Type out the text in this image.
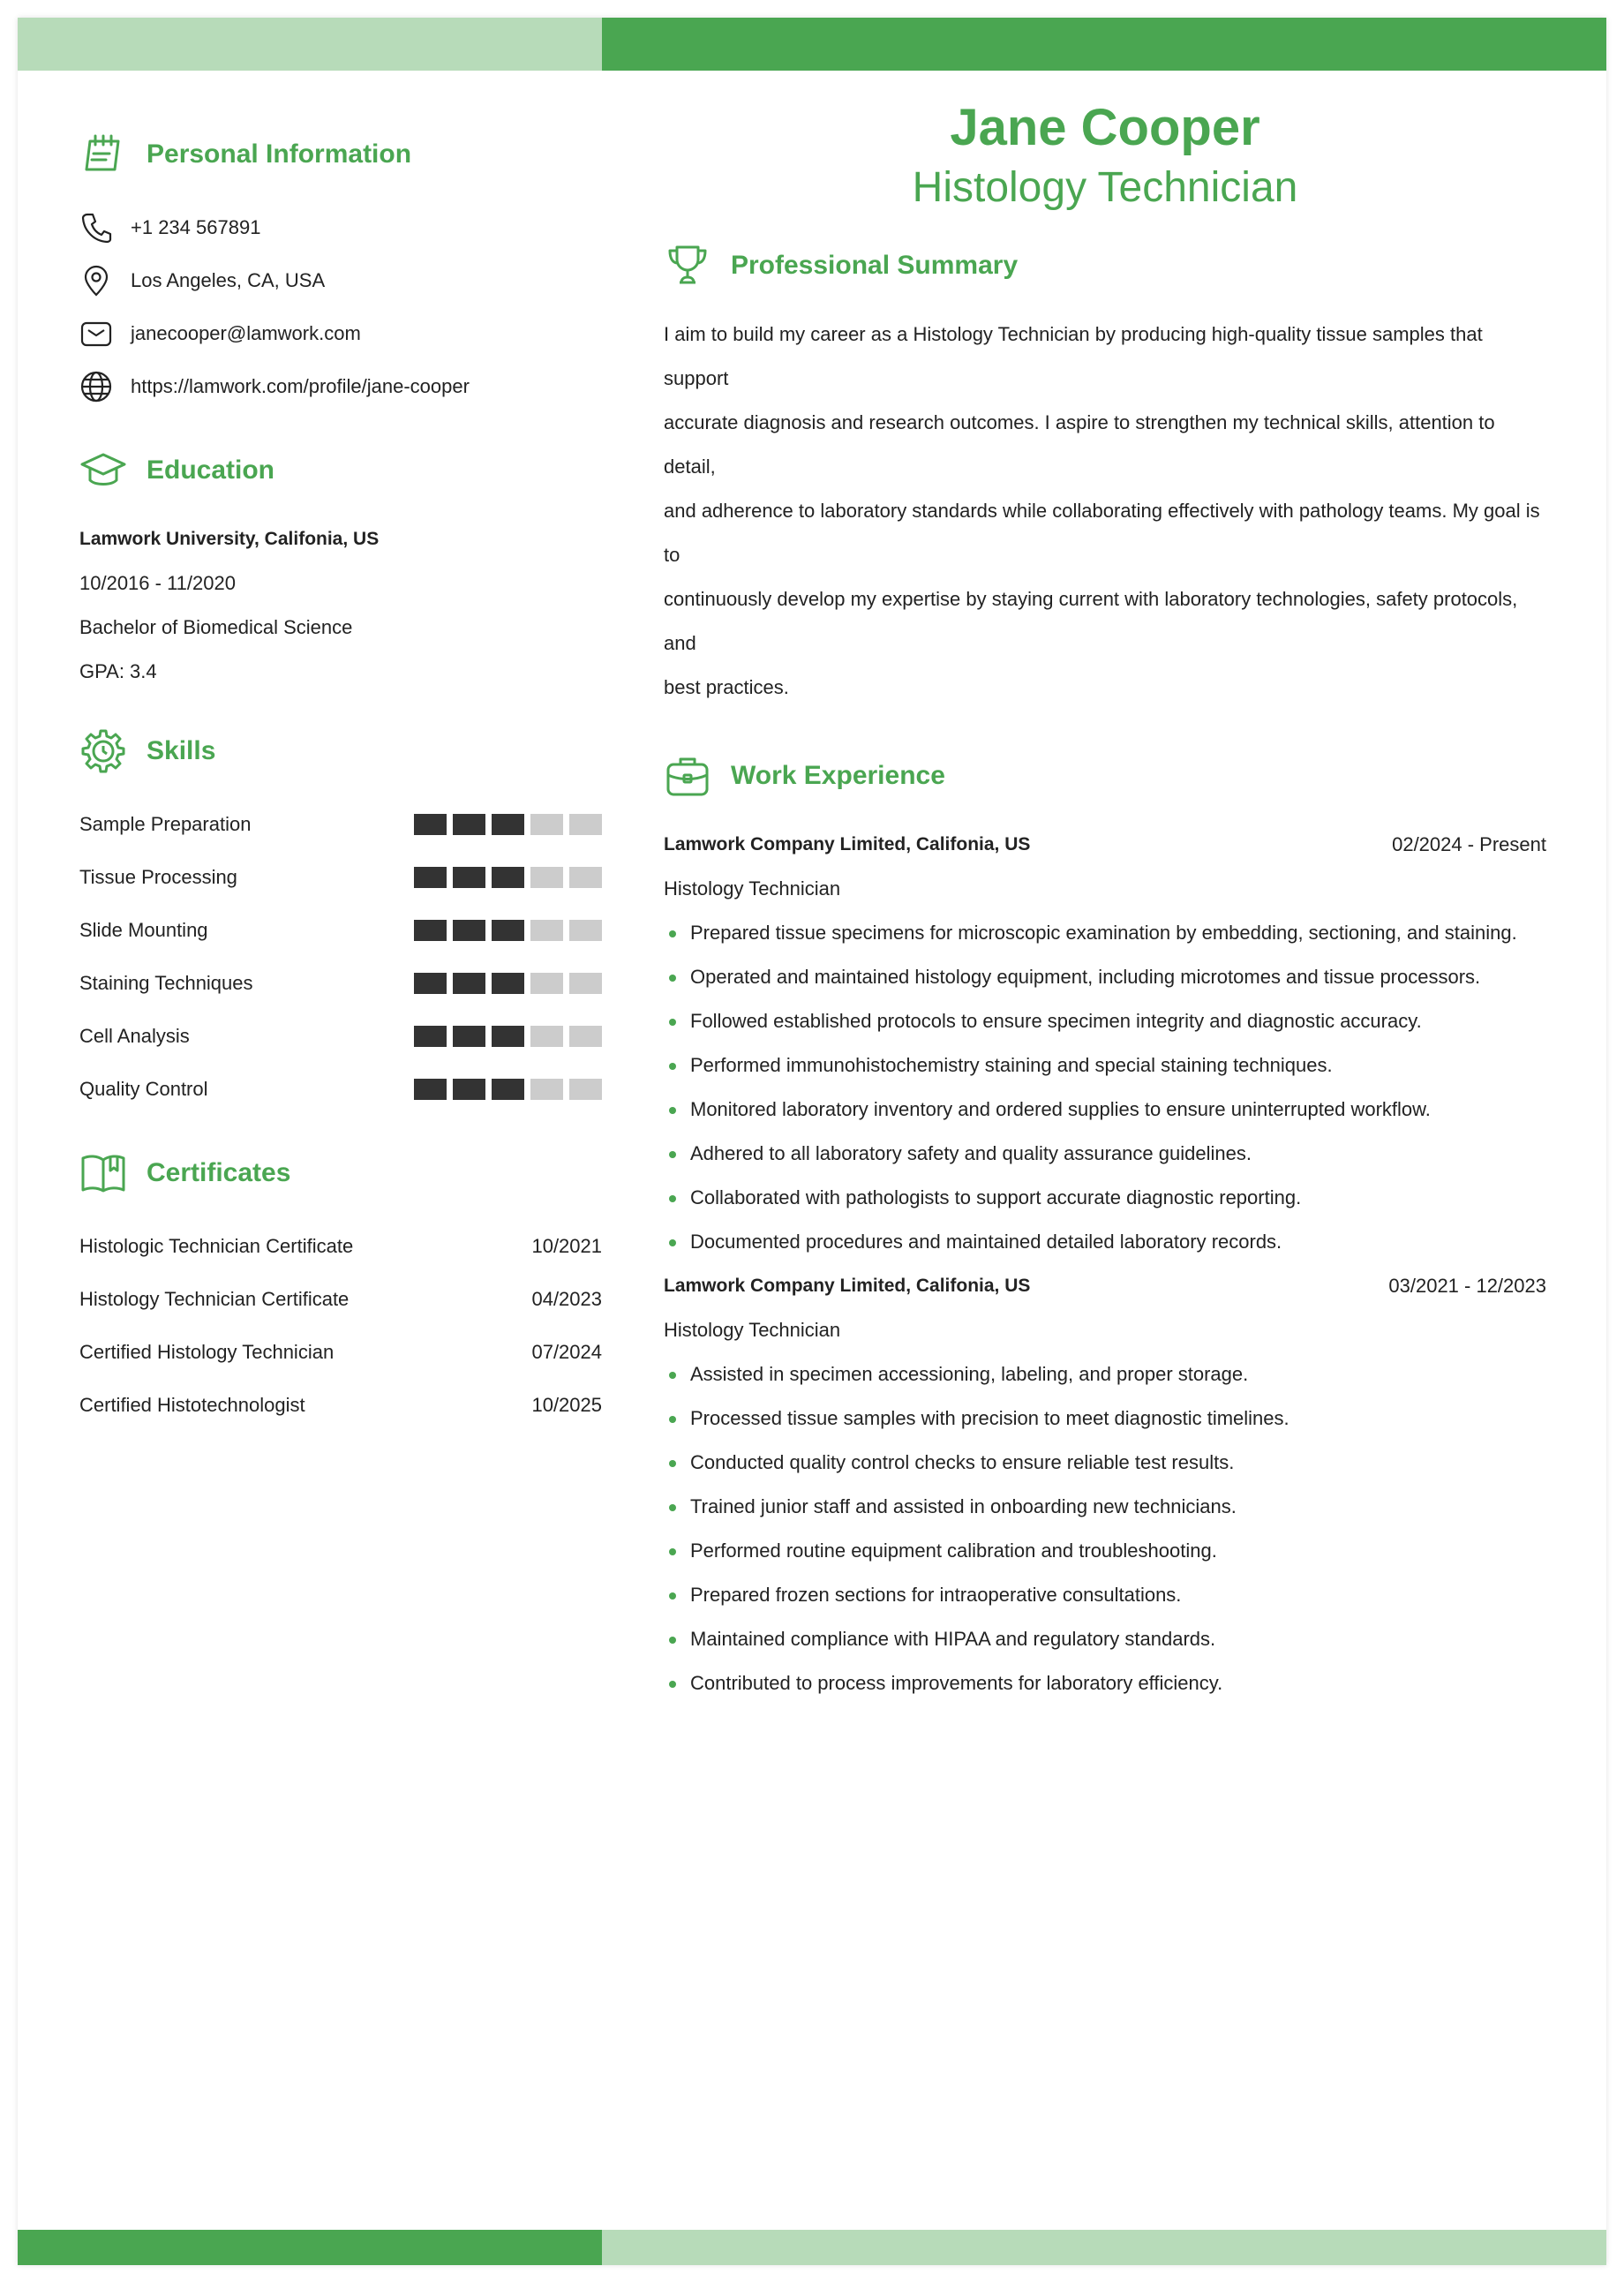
Personal Information
+1 234 567891
Los Angeles, CA, USA
janecooper@lamwork.com
https://lamwork.com/profile/jane-cooper
Education
Lamwork University, Califonia, US
10/2016 - 11/2020
Bachelor of Biomedical Science
GPA: 3.4
Skills
Sample Preparation
Tissue Processing
Slide Mounting
Staining Techniques
Cell Analysis
Quality Control
Certificates
Histologic Technician Certificate	10/2021
Histology Technician Certificate	04/2023
Certified Histology Technician	07/2024
Certified Histotechnologist	10/2025
Jane Cooper
Histology Technician
Professional Summary
I aim to build my career as a Histology Technician by producing high-quality tissue samples that support
accurate diagnosis and research outcomes. I aspire to strengthen my technical skills, attention to detail,
and adherence to laboratory standards while collaborating effectively with pathology teams. My goal is to
continuously develop my expertise by staying current with laboratory technologies, safety protocols, and
best practices.
Work Experience
Lamwork Company Limited, Califonia, US	02/2024 - Present
Histology Technician
Prepared tissue specimens for microscopic examination by embedding, sectioning, and staining.
Operated and maintained histology equipment, including microtomes and tissue processors.
Followed established protocols to ensure specimen integrity and diagnostic accuracy.
Performed immunohistochemistry staining and special staining techniques.
Monitored laboratory inventory and ordered supplies to ensure uninterrupted workflow.
Adhered to all laboratory safety and quality assurance guidelines.
Collaborated with pathologists to support accurate diagnostic reporting.
Documented procedures and maintained detailed laboratory records.
Lamwork Company Limited, Califonia, US	03/2021 - 12/2023
Histology Technician
Assisted in specimen accessioning, labeling, and proper storage.
Processed tissue samples with precision to meet diagnostic timelines.
Conducted quality control checks to ensure reliable test results.
Trained junior staff and assisted in onboarding new technicians.
Performed routine equipment calibration and troubleshooting.
Prepared frozen sections for intraoperative consultations.
Maintained compliance with HIPAA and regulatory standards.
Contributed to process improvements for laboratory efficiency.
